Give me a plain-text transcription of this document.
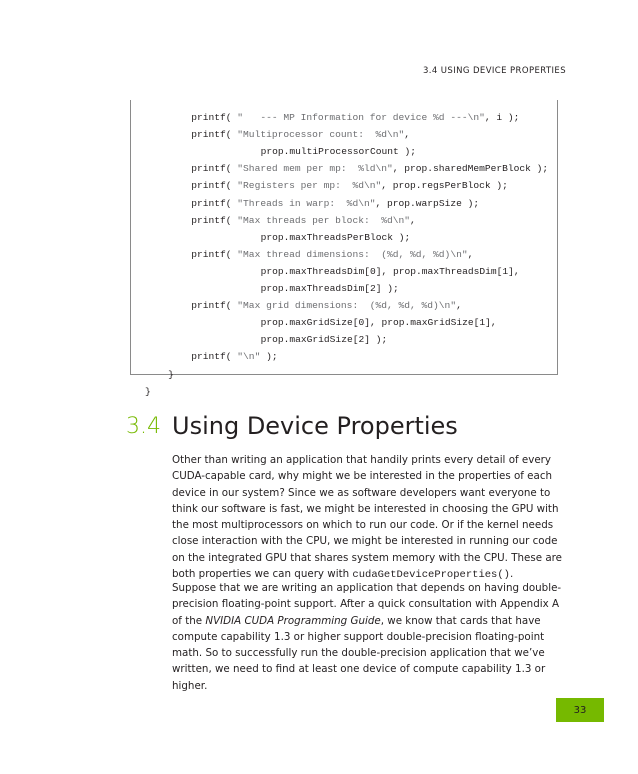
3.4 USING DEVICE PROPERTIES
printf( "   --- MP Information for device %d ---\n", i );
printf( "Multiprocessor count:  %d\n",
prop.multiProcessorCount );
printf( "Shared mem per mp:  %ld\n", prop.sharedMemPerBlock );
printf( "Registers per mp:  %d\n", prop.regsPerBlock );
printf( "Threads in warp:  %d\n", prop.warpSize );
printf( "Max threads per block:  %d\n",
prop.maxThreadsPerBlock );
printf( "Max thread dimensions:  (%d, %d, %d)\n",
prop.maxThreadsDim[0], prop.maxThreadsDim[1],
prop.maxThreadsDim[2] );
printf( "Max grid dimensions:  (%d, %d, %d)\n",
prop.maxGridSize[0], prop.maxGridSize[1],
prop.maxGridSize[2] );
printf( "\n" );
}
}
3.4 Using Device Properties
Other than writing an application that handily prints every detail of every CUDA-capable card, why might we be interested in the properties of each device in our system? Since we as software developers want everyone to think our software is fast, we might be interested in choosing the GPU with the most multiprocessors on which to run our code. Or if the kernel needs close interaction with the CPU, we might be interested in running our code on the integrated GPU that shares system memory with the CPU. These are both properties we can query with cudaGetDeviceProperties().
Suppose that we are writing an application that depends on having double-precision floating-point support. After a quick consultation with Appendix A of the NVIDIA CUDA Programming Guide, we know that cards that have compute capability 1.3 or higher support double-precision floating-point math. So to successfully run the double-precision application that we’ve written, we need to find at least one device of compute capability 1.3 or higher.
33
